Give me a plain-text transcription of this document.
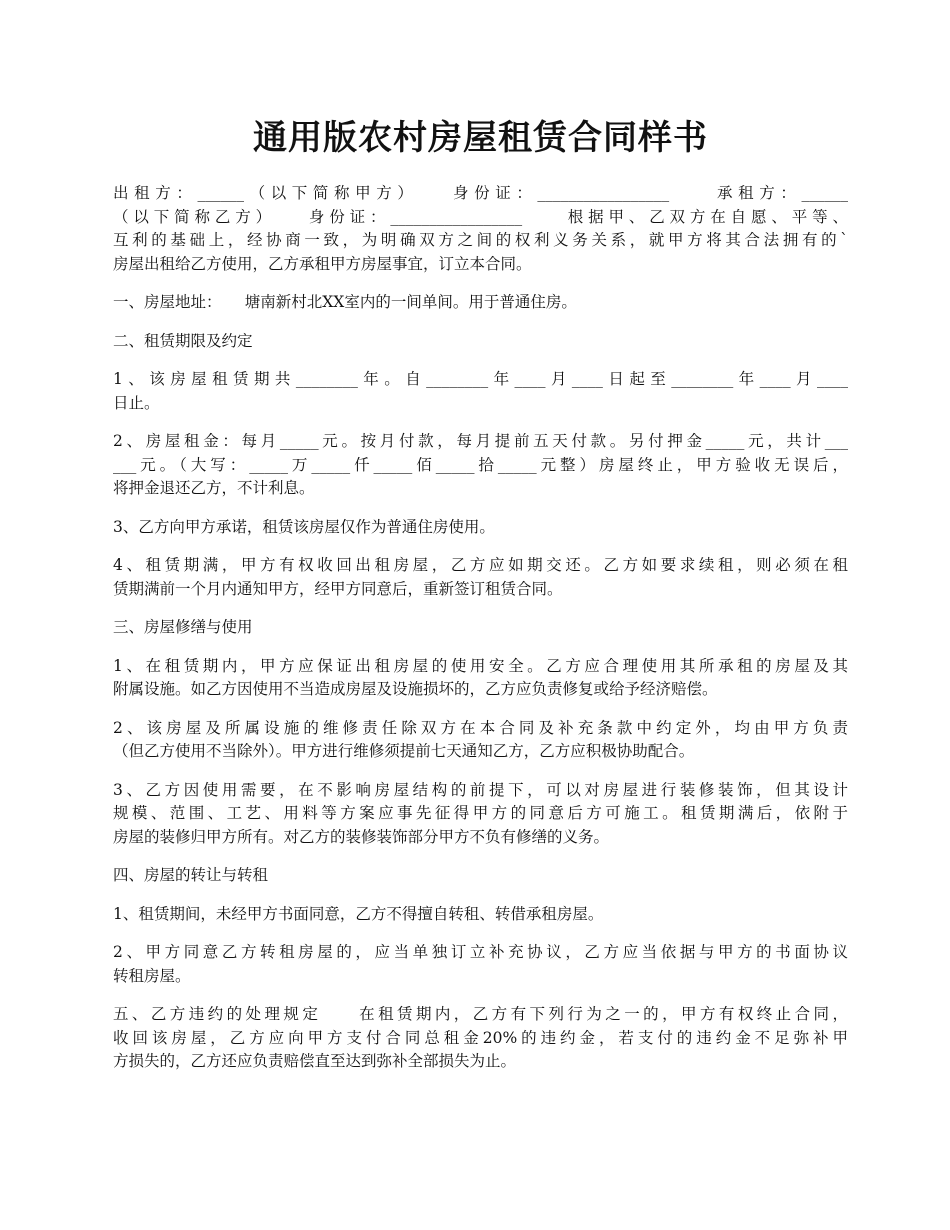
通用版农村房屋租赁合同样书
出租方：______（以下简称甲方）　　身份证：_________________　　承租方：______
（以下简称乙方）　　身份证：_________________　　根据甲、乙双方在自愿、平等、
互利的基础上，经协商一致，为明确双方之间的权利义务关系，就甲方将其合法拥有的`
房屋出租给乙方使用，乙方承租甲方房屋事宜，订立本合同。
一、房屋地址：　　塘南新村北XX室内的一间单间。用于普通住房。
二、租赁期限及约定
1、该房屋租赁期共________年。自________年____月____日起至________年____月____
日止。
2、房屋租金：每月_____元。按月付款，每月提前五天付款。另付押金_____元，共计___
___元。（大写：_____万_____仟_____佰_____拾_____元整）房屋终止，甲方验收无误后，
将押金退还乙方，不计利息。
3、乙方向甲方承诺，租赁该房屋仅作为普通住房使用。
4、租赁期满，甲方有权收回出租房屋，乙方应如期交还。乙方如要求续租，则必须在租
赁期满前一个月内通知甲方，经甲方同意后，重新签订租赁合同。
三、房屋修缮与使用
1、在租赁期内，甲方应保证出租房屋的使用安全。乙方应合理使用其所承租的房屋及其
附属设施。如乙方因使用不当造成房屋及设施损坏的，乙方应负责修复或给予经济赔偿。
2、该房屋及所属设施的维修责任除双方在本合同及补充条款中约定外，均由甲方负责
（但乙方使用不当除外）。甲方进行维修须提前七天通知乙方，乙方应积极协助配合。
3、乙方因使用需要，在不影响房屋结构的前提下，可以对房屋进行装修装饰，但其设计
规模、范围、工艺、用料等方案应事先征得甲方的同意后方可施工。租赁期满后，依附于
房屋的装修归甲方所有。对乙方的装修装饰部分甲方不负有修缮的义务。
四、房屋的转让与转租
1、租赁期间，未经甲方书面同意，乙方不得擅自转租、转借承租房屋。
2、甲方同意乙方转租房屋的，应当单独订立补充协议，乙方应当依据与甲方的书面协议
转租房屋。
五、乙方违约的处理规定　　在租赁期内，乙方有下列行为之一的，甲方有权终止合同，
收回该房屋，乙方应向甲方支付合同总租金20%的违约金，若支付的违约金不足弥补甲
方损失的，乙方还应负责赔偿直至达到弥补全部损失为止。
